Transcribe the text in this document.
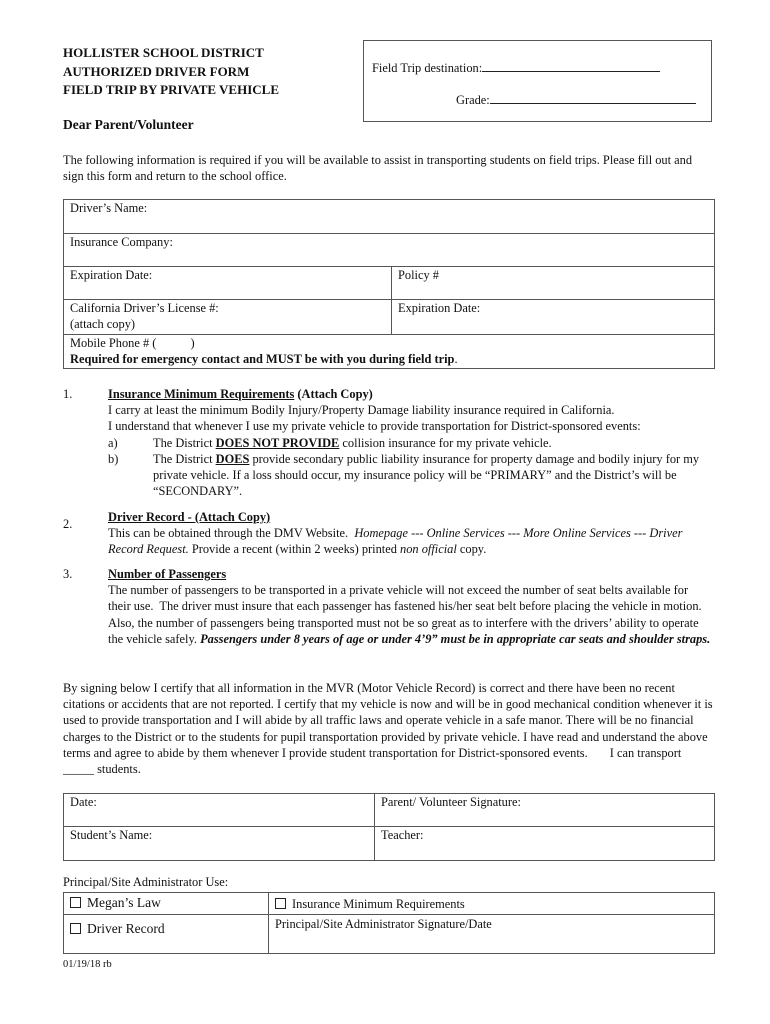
HOLLISTER SCHOOL DISTRICT
AUTHORIZED DRIVER FORM
FIELD TRIP BY PRIVATE VEHICLE
Field Trip destination:
Grade:
Dear Parent/Volunteer
The following information is required if you will be available to assist in transporting students on field trips. Please fill out and sign this form and return to the school office.
Driver’s Name:	
Insurance Company:	
Expiration Date:	Policy #

California Driver’s License #:
(attach copy)	Expiration Date:

Mobile Phone # (           )
Required for emergency contact and MUST be with you during field trip.	
1.	Insurance Minimum Requirements (Attach Copy)
I carry at least the minimum Bodily Injury/Property Damage liability insurance required in California.
I understand that whenever I use my private vehicle to provide transportation for District-sponsored events:
a)	The District DOES NOT PROVIDE collision insurance for my private vehicle.
b)	The District DOES provide secondary public liability insurance for property damage and bodily injury for my private vehicle. If a loss should occur, my insurance policy will be “PRIMARY” and the District’s will be “SECONDARY”.
2.	Driver Record - (Attach Copy)
This can be obtained through the DMV Website.  Homepage --- Online Services --- More Online Services --- Driver Record Request. Provide a recent (within 2 weeks) printed non official copy.
3.	Number of Passengers
The number of passengers to be transported in a private vehicle will not exceed the number of seat belts available for their use.  The driver must insure that each passenger has fastened his/her seat belt before placing the vehicle in motion. Also, the number of passengers being transported must not be so great as to interfere with the drivers’ ability to operate the vehicle safely. Passengers under 8 years of age or under 4’9” must be in appropriate car seats and shoulder straps.
By signing below I certify that all information in the MVR (Motor Vehicle Record) is correct and there have been no recent citations or accidents that are not reported. I certify that my vehicle is now and will be in good mechanical condition whenever it is used to provide transportation and I will abide by all traffic laws and operate vehicle in a safe manor. There will be no financial charges to the District or to the students for pupil transportation provided by private vehicle. I have read and understand the above terms and agree to abide by them whenever I provide student transportation for District-sponsored events. I can transport _____ students.
Date:	Parent/ Volunteer Signature:
Student’s Name:	Teacher:
Principal/Site Administrator Use:
Megan’s Law	Insurance Minimum Requirements
Driver Record	Principal/Site Administrator Signature/Date
01/19/18 rb
